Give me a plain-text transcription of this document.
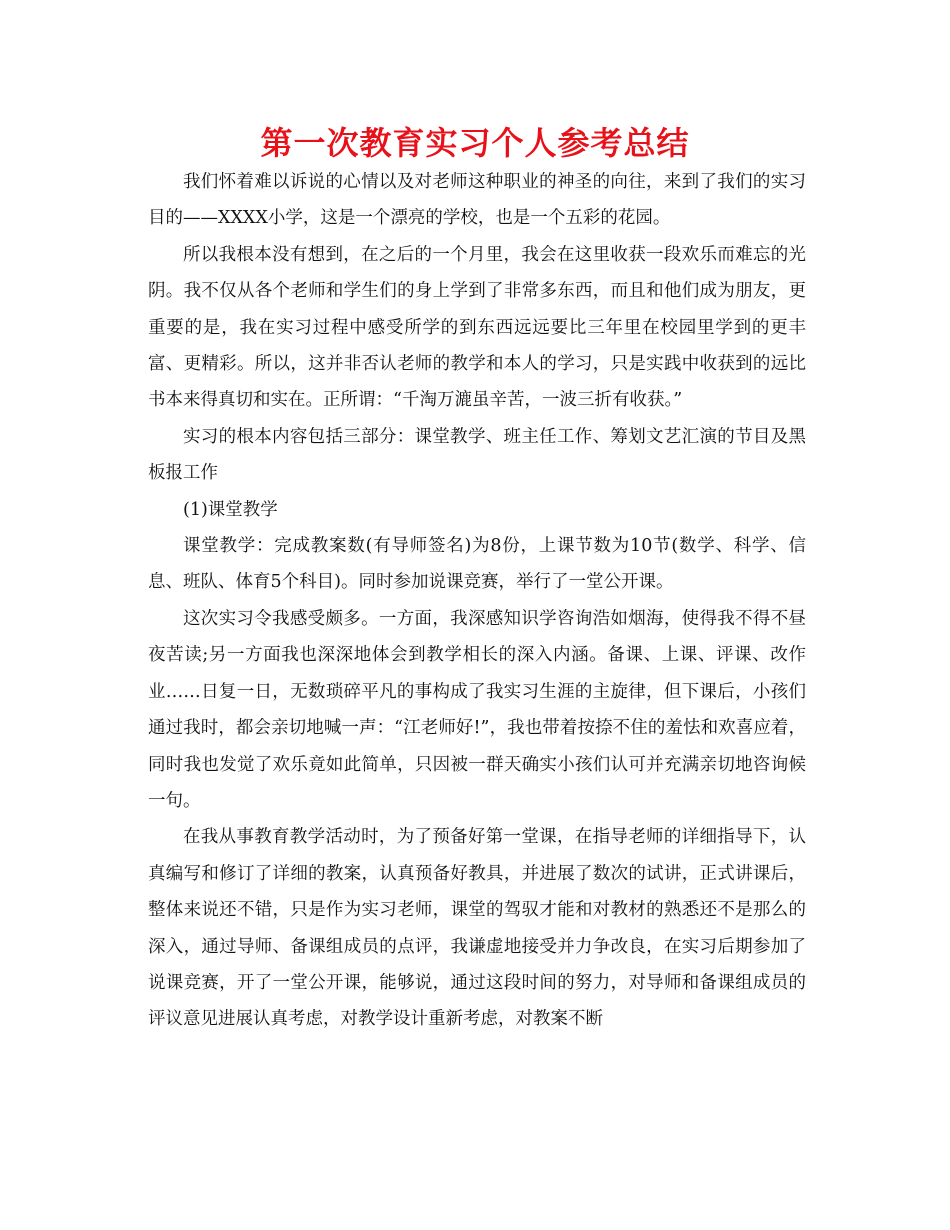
第一次教育实习个人参考总结

我们怀着难以诉说的心情以及对老师这种职业的神圣的向往，来到了我们的实习目的——XXXX小学，这是一个漂亮的学校，也是一个五彩的花园。

所以我根本没有想到，在之后的一个月里，我会在这里收获一段欢乐而难忘的光阴。我不仅从各个老师和学生们的身上学到了非常多东西，而且和他们成为朋友，更重要的是，我在实习过程中感受所学的到东西远远要比三年里在校园里学到的更丰富、更精彩。所以，这并非否认老师的教学和本人的学习，只是实践中收获到的远比书本来得真切和实在。正所谓：“千淘万漉虽辛苦，一波三折有收获。”

实习的根本内容包括三部分：课堂教学、班主任工作、筹划文艺汇演的节目及黑板报工作

(1)课堂教学

课堂教学：完成教案数(有导师签名)为8份，上课节数为10节(数学、科学、信息、班队、体育5个科目)。同时参加说课竞赛，举行了一堂公开课。

这次实习令我感受颇多。一方面，我深感知识学咨询浩如烟海，使得我不得不昼夜苦读;另一方面我也深深地体会到教学相长的深入内涵。备课、上课、评课、改作业……日复一日，无数琐碎平凡的事构成了我实习生涯的主旋律，但下课后，小孩们通过我时，都会亲切地喊一声：“江老师好!”，我也带着按捺不住的羞怯和欢喜应着，同时我也发觉了欢乐竟如此简单，只因被一群天确实小孩们认可并充满亲切地咨询候一句。

在我从事教育教学活动时，为了预备好第一堂课，在指导老师的详细指导下，认真编写和修订了详细的教案，认真预备好教具，并进展了数次的试讲，正式讲课后，整体来说还不错，只是作为实习老师，课堂的驾驭才能和对教材的熟悉还不是那么的深入，通过导师、备课组成员的点评，我谦虚地接受并力争改良，在实习后期参加了说课竞赛，开了一堂公开课，能够说，通过这段时间的努力，对导师和备课组成员的评议意见进展认真考虑，对教学设计重新考虑，对教案不断
